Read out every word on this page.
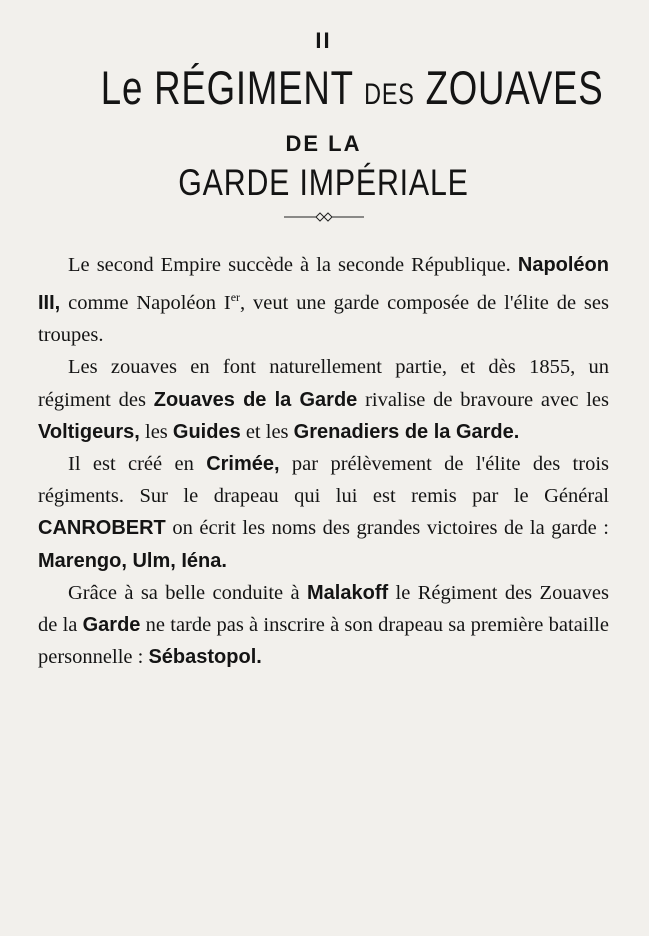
II
Le RÉGIMENT DES ZOUAVES
DE LA
GARDE IMPÉRIALE

Le second Empire succède à la seconde République. Napoléon III, comme Napoléon Ier, veut une garde composée de l'élite de ses troupes.

Les zouaves en font naturellement partie, et dès 1855, un régiment des Zouaves de la Garde rivalise de bravoure avec les Voltigeurs, les Guides et les Grenadiers de la Garde.

Il est créé en Crimée, par prélèvement de l'élite des trois régiments. Sur le drapeau qui lui est remis par le Général CANROBERT on écrit les noms des grandes victoires de la garde : Marengo, Ulm, Iéna.

Grâce à sa belle conduite à Malakoff le Régiment des Zouaves de la Garde ne tarde pas à inscrire à son drapeau sa première bataille personnelle : Sébastopol.
